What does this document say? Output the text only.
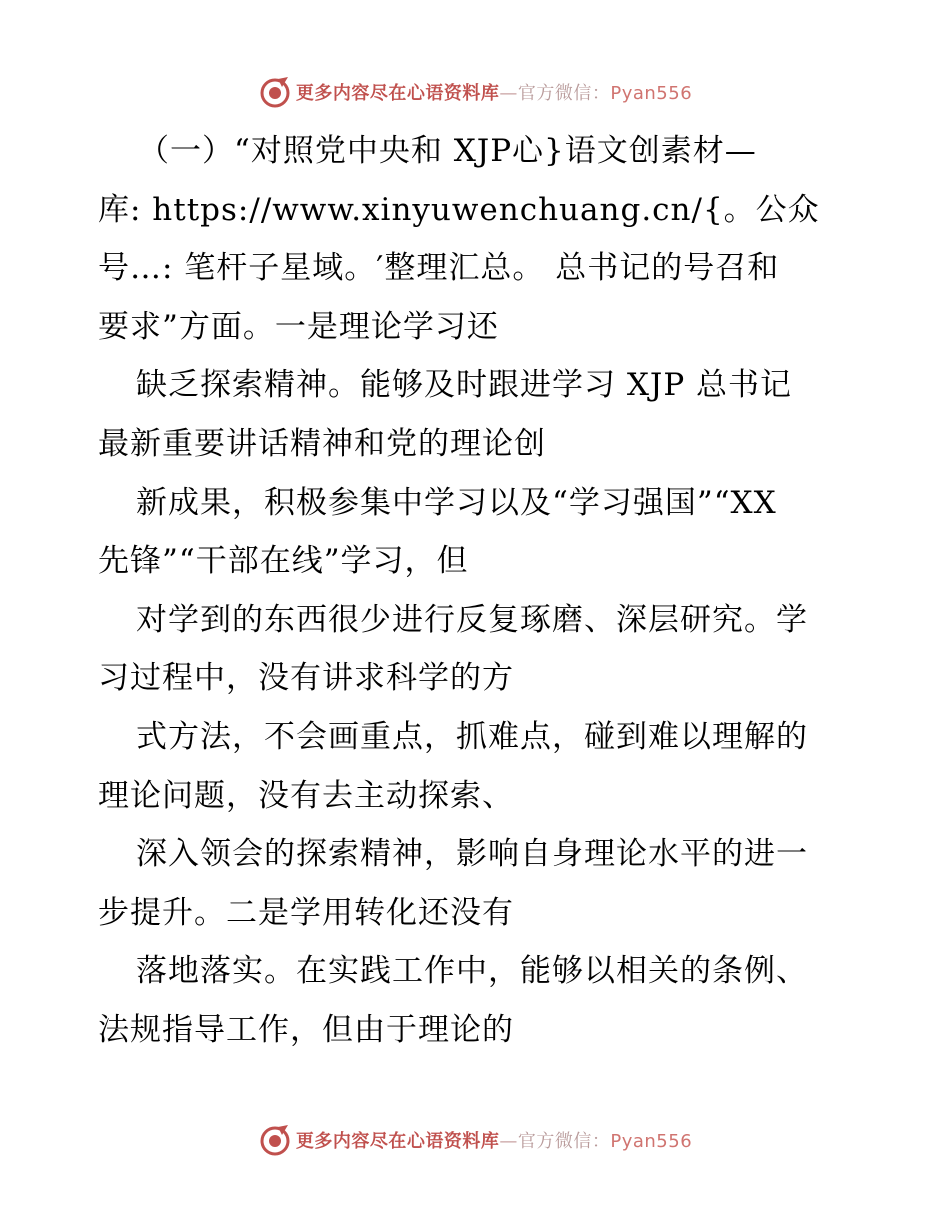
更多内容尽在心语资料库—官方微信：Pyan556
（一）“对照党中央和 XJP心}语文创素材—
库: https://www.xinyuwenchuang.cn/{。公众
号…: 笔杆子星域。′整理汇总。 总书记的号召和
要求”方面。一是理论学习还
缺乏探索精神。能够及时跟进学习 XJP 总书记
最新重要讲话精神和党的理论创
新成果，积极参集中学习以及“学习强国”“XX
先锋”“干部在线”学习，但
对学到的东西很少进行反复琢磨、深层研究。学
习过程中，没有讲求科学的方
式方法，不会画重点，抓难点，碰到难以理解的
理论问题，没有去主动探索、
深入领会的探索精神，影响自身理论水平的进一
步提升。二是学用转化还没有
落地落实。在实践工作中，能够以相关的条例、
法规指导工作，但由于理论的
更多内容尽在心语资料库—官方微信：Pyan556
